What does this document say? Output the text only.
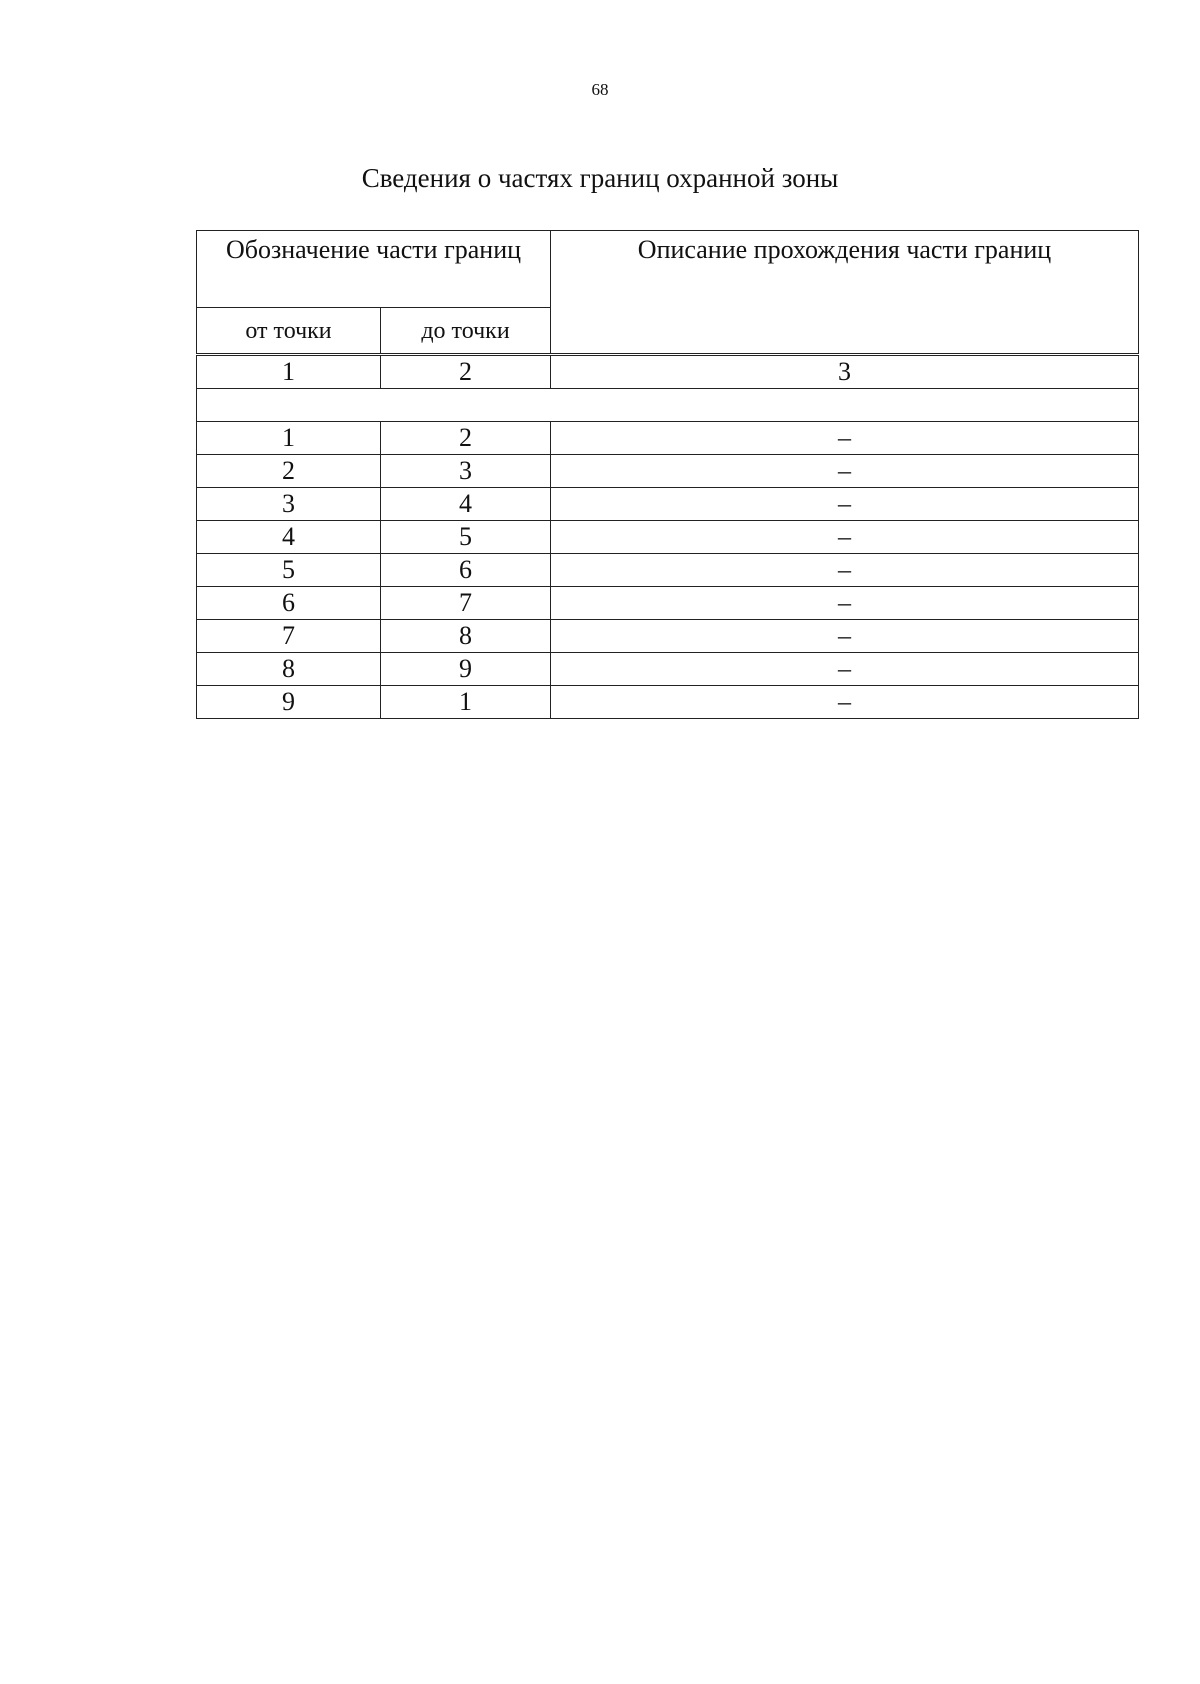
68
Сведения о частях границ охранной зоны
Обозначение части границ		Описание прохождения части границ
от точки	до точки	
1	2	3

1	2	–
2	3	–
3	4	–
4	5	–
5	6	–
6	7	–
7	8	–
8	9	–
9	1	–
